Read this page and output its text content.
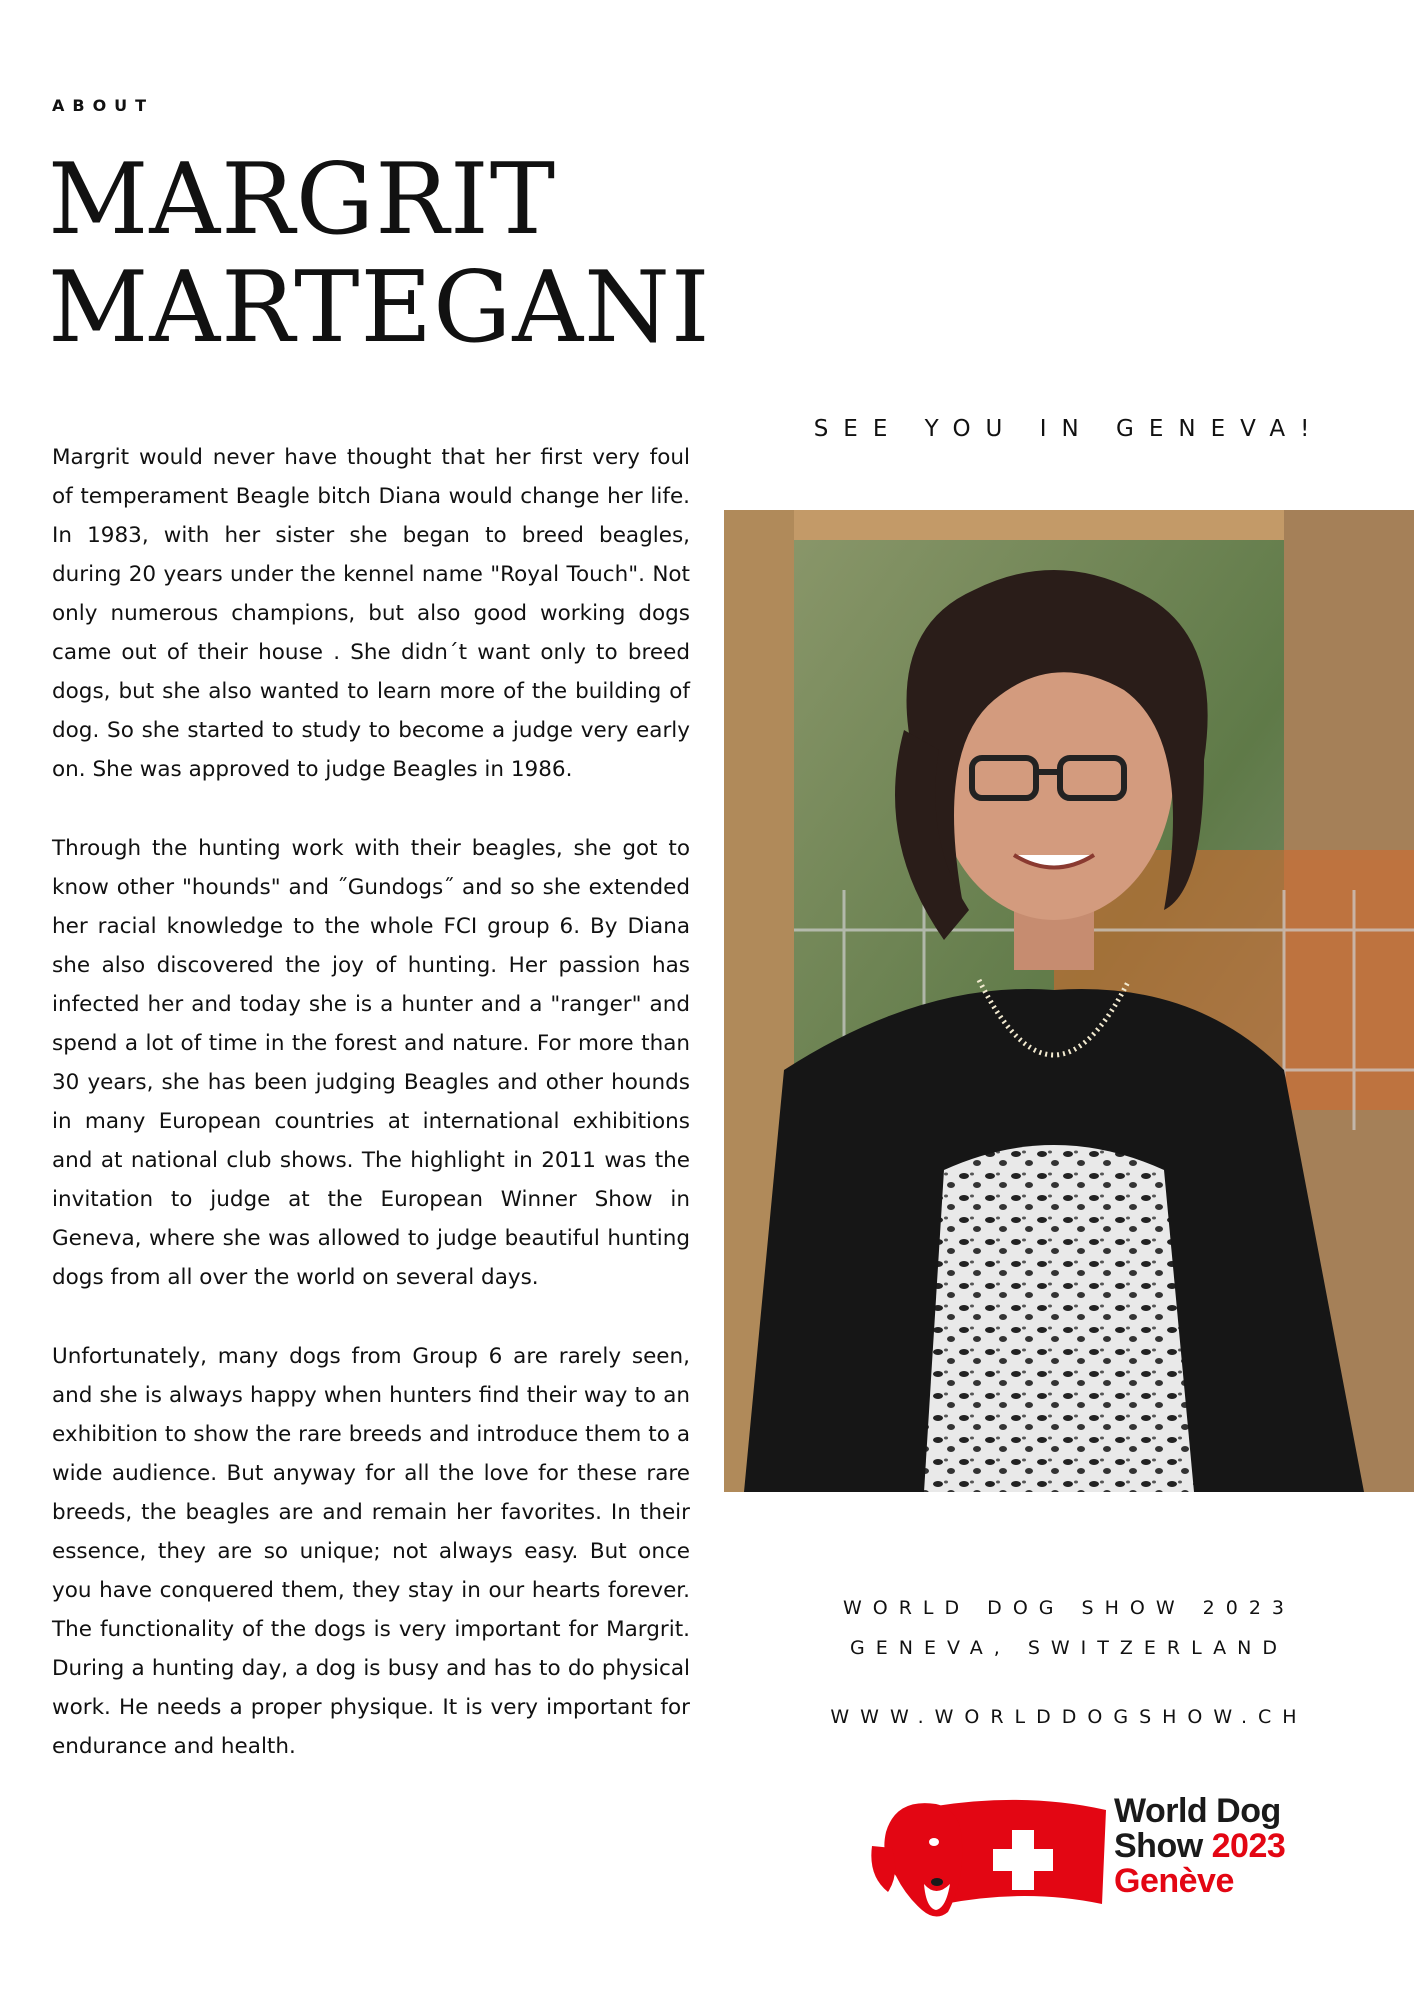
ABOUT
MARGRIT
MARTEGANI

Margrit would never have thought that her first very foul of temperament Beagle bitch Diana would change her life. In 1983, with her sister she began to breed beagles, during 20 years under the kennel name "Royal Touch". Not only numerous champions, but also good working dogs came out of their house . She didn´t want only to breed dogs, but she also wanted to learn more of the building of dog. So she started to study to become a judge very early on. She was approved to judge Beagles in 1986.

Through the hunting work with their beagles, she got to know other "hounds" and ˝Gundogs˝ and so she extended her racial knowledge to the whole FCI group 6. By Diana she also discovered the joy of hunting. Her passion has infected her and today she is a hunter and a "ranger" and spend a lot of time in the forest and nature. For more than 30 years, she has been judging Beagles and other hounds in many European countries at international exhibitions and at national club shows. The highlight in 2011 was the invitation to judge at the European Winner Show in Geneva, where she was allowed to judge beautiful hunting dogs from all over the world on several days.

Unfortunately, many dogs from Group 6 are rarely seen, and she is always happy when hunters find their way to an exhibition to show the rare breeds and introduce them to a wide audience. But anyway for all the love for these rare breeds, the beagles are and remain her favorites. In their essence, they are so unique; not always easy. But once you have conquered them, they stay in our hearts forever. The functionality of the dogs is very important for Margrit. During a hunting day, a dog is busy and has to do physical work. He needs a proper physique. It is very important for endurance and health.

SEE YOU IN GENEVA!
WORLD DOG SHOW 2023
GENEVA, SWITZERLAND
WWW.WORLDDOGSHOW.CH
World Dog
Show 2023
Genève
